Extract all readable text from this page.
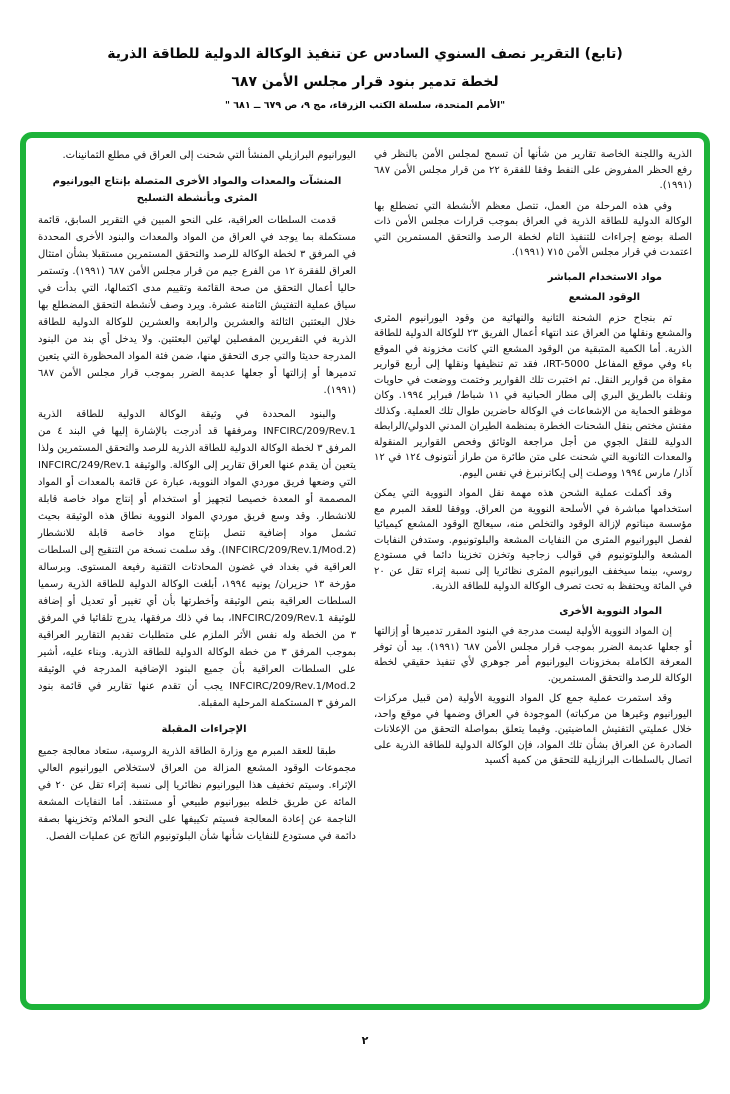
(تابع) التقرير نصف السنوي السادس عن تنفيذ الوكالة الدولية للطاقة الذرية
لخطة تدمير بنود قرار مجلس الأمن ٦٨٧
"الأمم المتحدة، سلسلة الكتب الزرقاء، مج ٩، ص ٦٧٩ ــ ٦٨١ "

الذرية واللجنة الخاصة تقارير من شأنها أن تسمح لمجلس الأمن بالنظر في رفع الحظر المفروض على النفط وفقا للفقرة ٢٢ من قرار مجلس الأمن ٦٨٧ (١٩٩١).

وفي هذه المرحلة من العمل، تتصل معظم الأنشطة التي تضطلع بها الوكالة الدولية للطاقة الذرية في العراق بموجب قرارات مجلس الأمن ذات الصلة بوضع إجراءات للتنفيذ التام لخطة الرصد والتحقق المستمرين التي اعتمدت في قرار مجلس الأمن ٧١٥ (١٩٩١).

مواد الاستخدام المباشر
الوقود المشعع

تم بنجاح حزم الشحنة الثانية والنهائية من وقود اليورانيوم المثرى والمشعع ونقلها من العراق عند انتهاء أعمال الفريق ٢٣ للوكالة الدولية للطاقة الذرية. أما الكمية المتبقية من الوقود المشعع التي كانت مخزونة في الموقع باء وفي موقع المفاعل IRT-5000، فقد تم تنظيفها ونقلها إلى أربع قوارير مقواة من قوارير النقل. ثم اختبرت تلك القوارير وختمت ووضعت في حاويات ونقلت بالطريق البري إلى مطار الحبانية في ١١ شباط/ فبراير ١٩٩٤. وكان موظفو الحماية من الإشعاعات في الوكالة حاضرين طوال تلك العملية. وكذلك مفتش مختص بنقل الشحنات الخطرة بمنظمة الطيران المدني الدولي/الرابطة الدولية للنقل الجوي من أجل مراجعة الوثائق وفحص القوارير المنقولة والمعدات الثانوية التي شحنت على متن طائرة من طراز أنتونوف ١٢٤ في ١٢ آذار/ مارس ١٩٩٤ ووصلت إلى إيكاترنبرغ في نفس اليوم.

وقد أكملت عملية الشحن هذه مهمة نقل المواد النووية التي يمكن استخدامها مباشرة في الأسلحة النووية من العراق. ووفقا للعقد المبرم مع مؤسسة ميناتوم لإزالة الوقود والتخلص منه، سيعالج الوقود المشعع كيميائيا لفصل اليورانيوم المثرى من النفايات المشعة والبلوتونيوم. وستدفن النفايات المشعة والبلوتونيوم في قوالب زجاجية وتخزن تخزينا دائما في مستودع روسي، بينما سيخفف اليورانيوم المثرى نظائريا إلى نسبة إثراء تقل عن ٢٠ في المائة ويحتفظ به تحت تصرف الوكالة الدولية للطاقة الذرية.

المواد النووية الأخرى

إن المواد النووية الأولية ليست مدرجة في البنود المقرر تدميرها أو إزالتها أو جعلها عديمة الضرر بموجب قرار مجلس الأمن ٦٨٧ (١٩٩١). بيد أن توفر المعرفة الكاملة بمخزونات اليورانيوم أمر جوهري لأي تنفيذ حقيقي لخطة الوكالة للرصد والتحقق المستمرين.

وقد استمرت عملية جمع كل المواد النووية الأولية (من قبيل مركزات اليورانيوم وغيرها من مركباته) الموجودة في العراق وضمها في موقع واحد، خلال عمليتي التفتيش الماضيتين. وفيما يتعلق بمواصلة التحقق من الإعلانات الصادرة عن العراق بشأن تلك المواد، فإن الوكالة الدولية للطاقة الذرية على اتصال بالسلطات البرازيلية للتحقق من كمية أكسيد

اليورانيوم البرازيلي المنشأ التي شحنت إلى العراق في مطلع الثمانينات.

المنشآت والمعدات والمواد الأخرى المتصلة بإنتاج اليورانيوم المثرى وبأنشطة التسليح

قدمت السلطات العراقية، على النحو المبين في التقرير السابق، قائمة مستكملة بما يوجد في العراق من المواد والمعدات والبنود الأخرى المحددة في المرفق ٣ لخطة الوكالة للرصد والتحقق المستمرين مستقبلا بشأن امتثال العراق للفقرة ١٢ من الفرع جيم من قرار مجلس الأمن ٦٨٧ (١٩٩١). وتستمر حاليا أعمال التحقق من صحة القائمة وتقييم مدى اكتمالها، التي بدأت في سياق عملية التفتيش الثامنة عشرة. ويرد وصف لأنشطة التحقق المضطلع بها خلال البعثتين الثالثة والعشرين والرابعة والعشرين للوكالة الدولية للطاقة الذرية في التقريرين المفصلين لهاتين البعثتين. ولا يدخل أي بند من البنود المدرجة حديثا والتي جرى التحقق منها، ضمن فئة المواد المحظورة التي يتعين تدميرها أو إزالتها أو جعلها عديمة الضرر بموجب قرار مجلس الأمن ٦٨٧ (١٩٩١).

والبنود المحددة في وثيقة الوكالة الدولية للطاقة الذرية INFCIRC/209/Rev.1 ومرفقها قد أدرجت بالإشارة إليها في البند ٤ من المرفق ٣ لخطة الوكالة الدولية للطاقة الذرية للرصد والتحقق المستمرين ولذا يتعين أن يقدم عنها العراق تقارير إلى الوكالة. والوثيقة INFCIRC/249/Rev.1 التي وضعها فريق موردي المواد النووية، عبارة عن قائمة بالمعدات أو المواد المصممة أو المعدة خصيصا لتجهيز أو استخدام أو إنتاج مواد خاصة قابلة للانشطار. وقد وسع فريق موردي المواد النووية نطاق هذه الوثيقة بحيث تشمل مواد إضافية تتصل بإنتاج مواد خاصة قابلة للانشطار (INFCIRC/209/Rev.1/Mod.2). وقد سلمت نسخة من التنقيح إلى السلطات العراقية في بغداد في غضون المحادثات التقنية رفيعة المستوى. وبرسالة مؤرخة ١٣ حزيران/ يونيه ١٩٩٤، أبلغت الوكالة الدولية للطاقة الذرية رسميا السلطات العراقية بنص الوثيقة وأخطرتها بأن أي تغيير أو تعديل أو إضافة للوثيقة INFCIRC/209/Rev.1، بما في ذلك مرفقها، يدرج تلقائيا في المرفق ٣ من الخطة وله نفس الأثر الملزم على متطلبات تقديم التقارير العراقية بموجب المرفق ٣ من خطة الوكالة الدولية للطاقة الذرية. وبناء عليه، أشير على السلطات العراقية بأن جميع البنود الإضافية المدرجة في الوثيقة INFCIRC/209/Rev.1/Mod.2 يجب أن تقدم عنها تقارير في قائمة بنود المرفق ٣ المستكملة المرحلية المقبلة.

الإجراءات المقبلة

طبقا للعقد المبرم مع وزارة الطاقة الذرية الروسية، ستعاد معالجة جميع مجموعات الوقود المشعع المزالة من العراق لاستخلاص اليورانيوم العالي الإثراء. وسيتم تخفيف هذا اليورانيوم نظائريا إلى نسبة إثراء تقل عن ٢٠ في المائة عن طريق خلطه بيورانيوم طبيعي أو مستنفد. أما النفايات المشعة الناجمة عن إعادة المعالجة فسيتم تكييفها على النحو الملائم وتخزينها بصفة دائمة في مستودع للنفايات شأنها شأن البلوتونيوم الناتج عن عمليات الفصل.

٢
